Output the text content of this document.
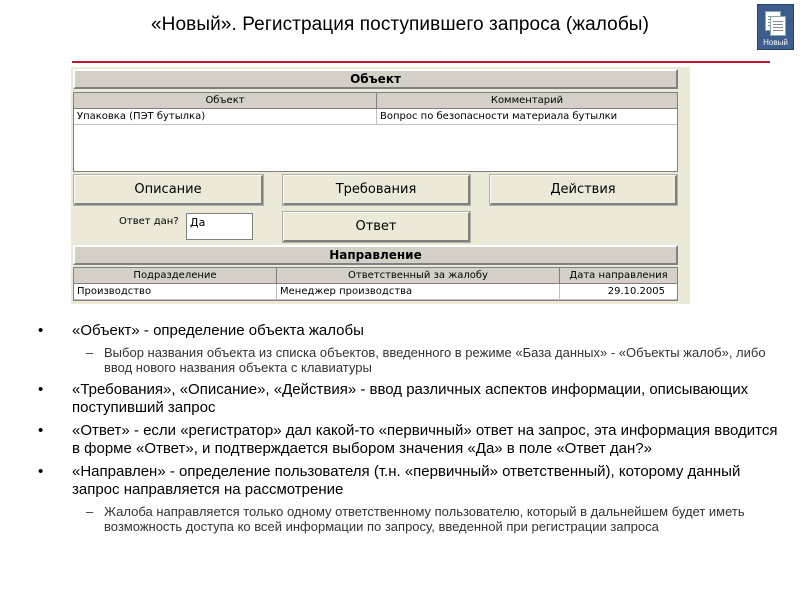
«Новый». Регистрация поступившего запроса (жалобы)
Новый
Объект
Объект	Комментарий
Упаковка (ПЭТ бутылка)	Вопрос по безопасности материала бутылки
Описание	Требования	Действия
Ответ дан?	Да	Ответ
Направление
Подразделение	Ответственный за жалобу	Дата направления
Производство	Менеджер производства	29.10.2005
• «Объект» - определение объекта жалобы
– Выбор названия объекта из списка объектов, введенного в режиме «База данных» - «Объекты жалоб», либо ввод нового названия объекта с клавиатуры
• «Требования», «Описание», «Действия» - ввод различных аспектов информации, описывающих поступивший запрос
• «Ответ» - если «регистратор» дал какой-то «первичный» ответ на запрос, эта информация вводится в форме «Ответ», и подтверждается выбором значения «Да» в поле «Ответ дан?»
• «Направлен» - определение пользователя (т.н. «первичный» ответственный), которому данный запрос направляется на рассмотрение
– Жалоба направляется только одному ответственному пользователю, который в дальнейшем будет иметь возможность доступа ко всей информации по запросу, введенной при регистрации запроса
